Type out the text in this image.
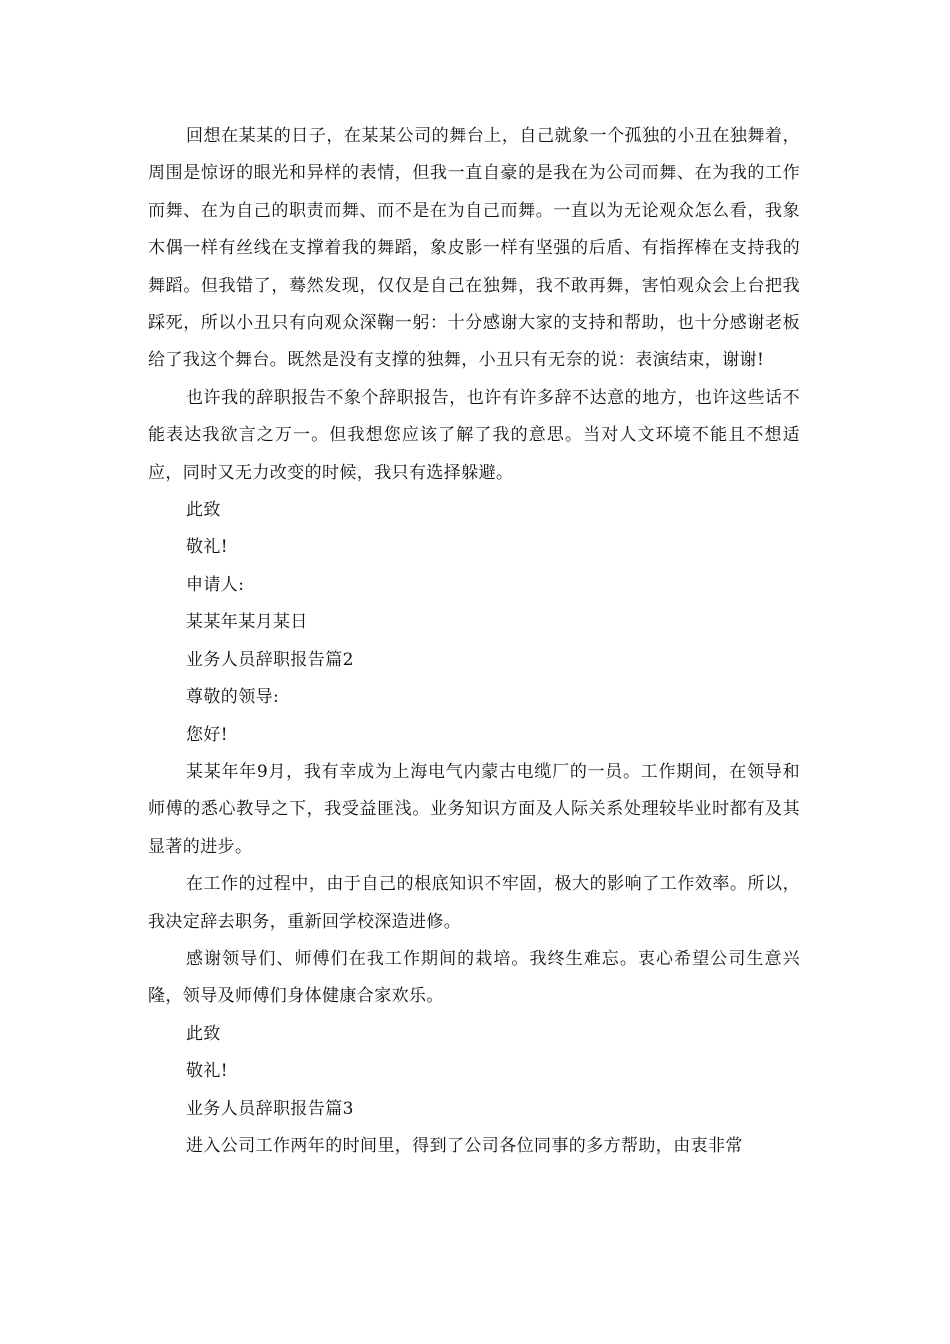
回想在某某的日子，在某某公司的舞台上，自己就象一个孤独的小丑在独舞着，周围是惊讶的眼光和异样的表情，但我一直自豪的是我在为公司而舞、在为我的工作而舞、在为自己的职责而舞、而不是在为自己而舞。一直以为无论观众怎么看，我象木偶一样有丝线在支撑着我的舞蹈，象皮影一样有坚强的后盾、有指挥棒在支持我的舞蹈。但我错了，蓦然发现，仅仅是自己在独舞，我不敢再舞，害怕观众会上台把我踩死，所以小丑只有向观众深鞠一躬：十分感谢大家的支持和帮助，也十分感谢老板给了我这个舞台。既然是没有支撑的独舞，小丑只有无奈的说：表演结束，谢谢!

也许我的辞职报告不象个辞职报告，也许有许多辞不达意的地方，也许这些话不能表达我欲言之万一。但我想您应该了解了我的意思。当对人文环境不能且不想适应，同时又无力改变的时候，我只有选择躲避。

此致

敬礼!

申请人:

某某年某月某日

业务人员辞职报告篇2

尊敬的领导:

您好!

某某年年9月，我有幸成为上海电气内蒙古电缆厂的一员。工作期间，在领导和师傅的悉心教导之下，我受益匪浅。业务知识方面及人际关系处理较毕业时都有及其显著的进步。

在工作的过程中，由于自己的根底知识不牢固，极大的影响了工作效率。所以，我决定辞去职务，重新回学校深造进修。

感谢领导们、师傅们在我工作期间的栽培。我终生难忘。衷心希望公司生意兴隆，领导及师傅们身体健康合家欢乐。

此致

敬礼!

业务人员辞职报告篇3

进入公司工作两年的时间里，得到了公司各位同事的多方帮助，由衷非常
